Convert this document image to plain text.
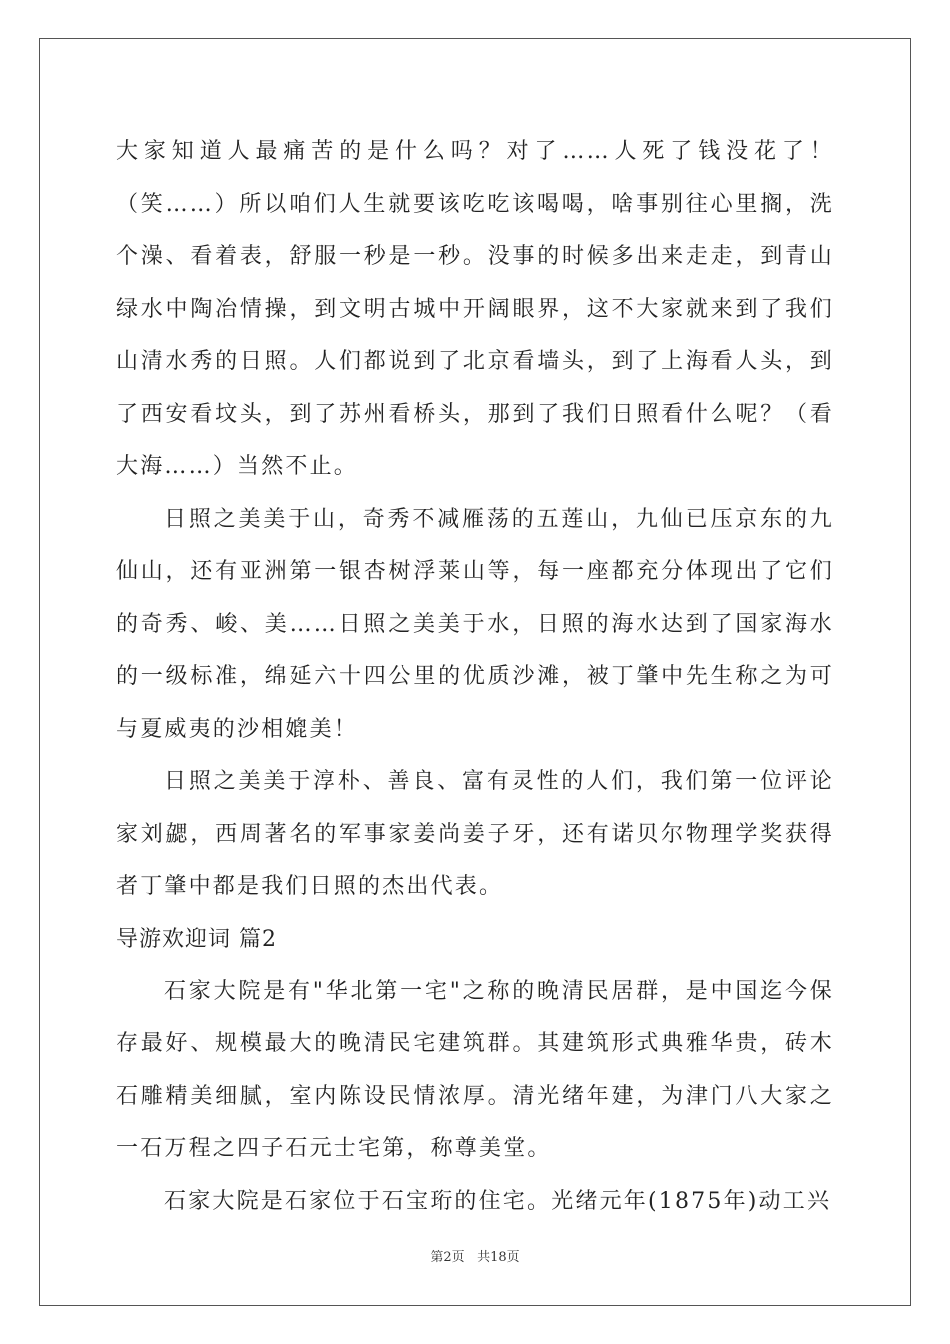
大家知道人最痛苦的是什么吗？对了……人死了钱没花了！（笑……）所以咱们人生就要该吃吃该喝喝，啥事别往心里搁，洗个澡、看着表，舒服一秒是一秒。没事的时候多出来走走，到青山绿水中陶冶情操，到文明古城中开阔眼界，这不大家就来到了我们山清水秀的日照。人们都说到了北京看墙头，到了上海看人头，到了西安看坟头，到了苏州看桥头，那到了我们日照看什么呢？（看大海……）当然不止。

日照之美美于山，奇秀不减雁荡的五莲山，九仙已压京东的九仙山，还有亚洲第一银杏树浮莱山等，每一座都充分体现出了它们的奇秀、峻、美……日照之美美于水，日照的海水达到了国家海水的一级标准，绵延六十四公里的优质沙滩，被丁肇中先生称之为可与夏威夷的沙相媲美！

日照之美美于淳朴、善良、富有灵性的人们，我们第一位评论家刘勰，西周著名的军事家姜尚姜子牙，还有诺贝尔物理学奖获得者丁肇中都是我们日照的杰出代表。

导游欢迎词 篇2

石家大院是有"华北第一宅"之称的晚清民居群，是中国迄今保存最好、规模最大的晚清民宅建筑群。其建筑形式典雅华贵，砖木石雕精美细腻，室内陈设民情浓厚。清光绪年建，为津门八大家之一石万程之四子石元士宅第，称尊美堂。

石家大院是石家位于石宝珩的住宅。光绪元年(1875年)动工兴

第2页 共18页
